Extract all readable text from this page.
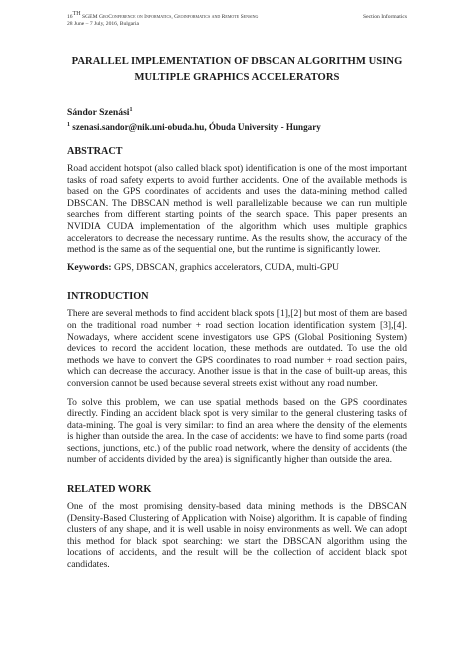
16TH SGEM GeoConference on Informatics, Geoinformatics and Remote Sensing	Section Informatics
28 June – 7 July, 2016, Bulgaria
PARALLEL IMPLEMENTATION OF DBSCAN ALGORITHM USING
MULTIPLE GRAPHICS ACCELERATORS
Sándor Szenási$^1$
$^1$ szenasi.sandor@nik.uni-obuda.hu, Óbuda University - Hungary
ABSTRACT

Road accident hotspot (also called black spot) identification is one of the most important tasks of road safety experts to avoid further accidents. One of the available methods is based on the GPS coordinates of accidents and uses the data-mining method called DBSCAN. The DBSCAN method is well parallelizable because we can run multiple searches from different starting points of the search space. This paper presents an NVIDIA CUDA implementation of the algorithm which uses multiple graphics accelerators to decrease the necessary runtime. As the results show, the accuracy of the method is the same as of the sequential one, but the runtime is significantly lower.

Keywords: GPS, DBSCAN, graphics accelerators, CUDA, multi-GPU
INTRODUCTION

There are several methods to find accident black spots [1],[2] but most of them are based on the traditional road number + road section location identification system [3],[4]. Nowadays, where accident scene investigators use GPS (Global Positioning System) devices to record the accident location, these methods are outdated. To use the old methods we have to convert the GPS coordinates to road number + road section pairs, which can decrease the accuracy. Another issue is that in the case of built-up areas, this conversion cannot be used because several streets exist without any road number.

To solve this problem, we can use spatial methods based on the GPS coordinates directly. Finding an accident black spot is very similar to the general clustering tasks of data-mining. The goal is very similar: to find an area where the density of the elements is higher than outside the area. In the case of accidents: we have to find some parts (road sections, junctions, etc.) of the public road network, where the density of accidents (the number of accidents divided by the area) is significantly higher than outside the area.

RELATED WORK

One of the most promising density-based data mining methods is the DBSCAN (Density-Based Clustering of Application with Noise) algorithm. It is capable of finding clusters of any shape, and it is well usable in noisy environments as well. We can adopt this method for black spot searching: we start the DBSCAN algorithm using the locations of accidents, and the result will be the collection of accident black spot candidates.
